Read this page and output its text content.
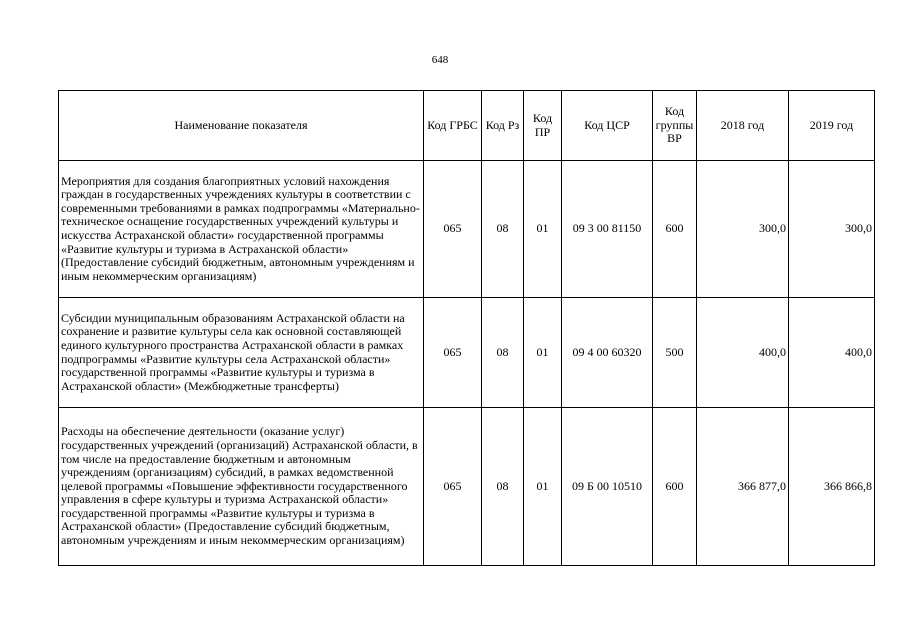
648
Наименование показателя	Код ГРБС	Код Рз	Код ПР	Код ЦСР	Код группы ВР	2018 год	2019 год
Мероприятия для создания благоприятных условий нахождения граждан в государственных учреждениях культуры в соответствии с современными требованиями в рамках подпрограммы «Материально-техническое оснащение государственных учреждений культуры и искусства Астраханской области» государственной программы «Развитие культуры и туризма в Астраханской области» (Предоставление субсидий бюджетным, автономным учреждениям и иным некоммерческим организациям)	065	08	01	09 3 00 81150	600	300,0	300,0
Субсидии муниципальным образованиям Астраханской области на сохранение и развитие культуры села как основной составляющей единого культурного пространства Астраханской области в рамках подпрограммы «Развитие культуры села Астраханской области» государственной программы «Развитие культуры и туризма в Астраханской области» (Межбюджетные трансферты)	065	08	01	09 4 00 60320	500	400,0	400,0
Расходы на обеспечение деятельности (оказание услуг) государственных учреждений (организаций) Астраханской области, в том числе на предоставление бюджетным и автономным учреждениям (организациям) субсидий, в рамках ведомственной целевой программы «Повышение эффективности государственного управления в сфере культуры и туризма Астраханской области» государственной программы «Развитие культуры и туризма в Астраханской области» (Предоставление субсидий бюджетным, автономным учреждениям и иным некоммерческим организациям)	065	08	01	09 Б 00 10510	600	366 877,0	366 866,8
